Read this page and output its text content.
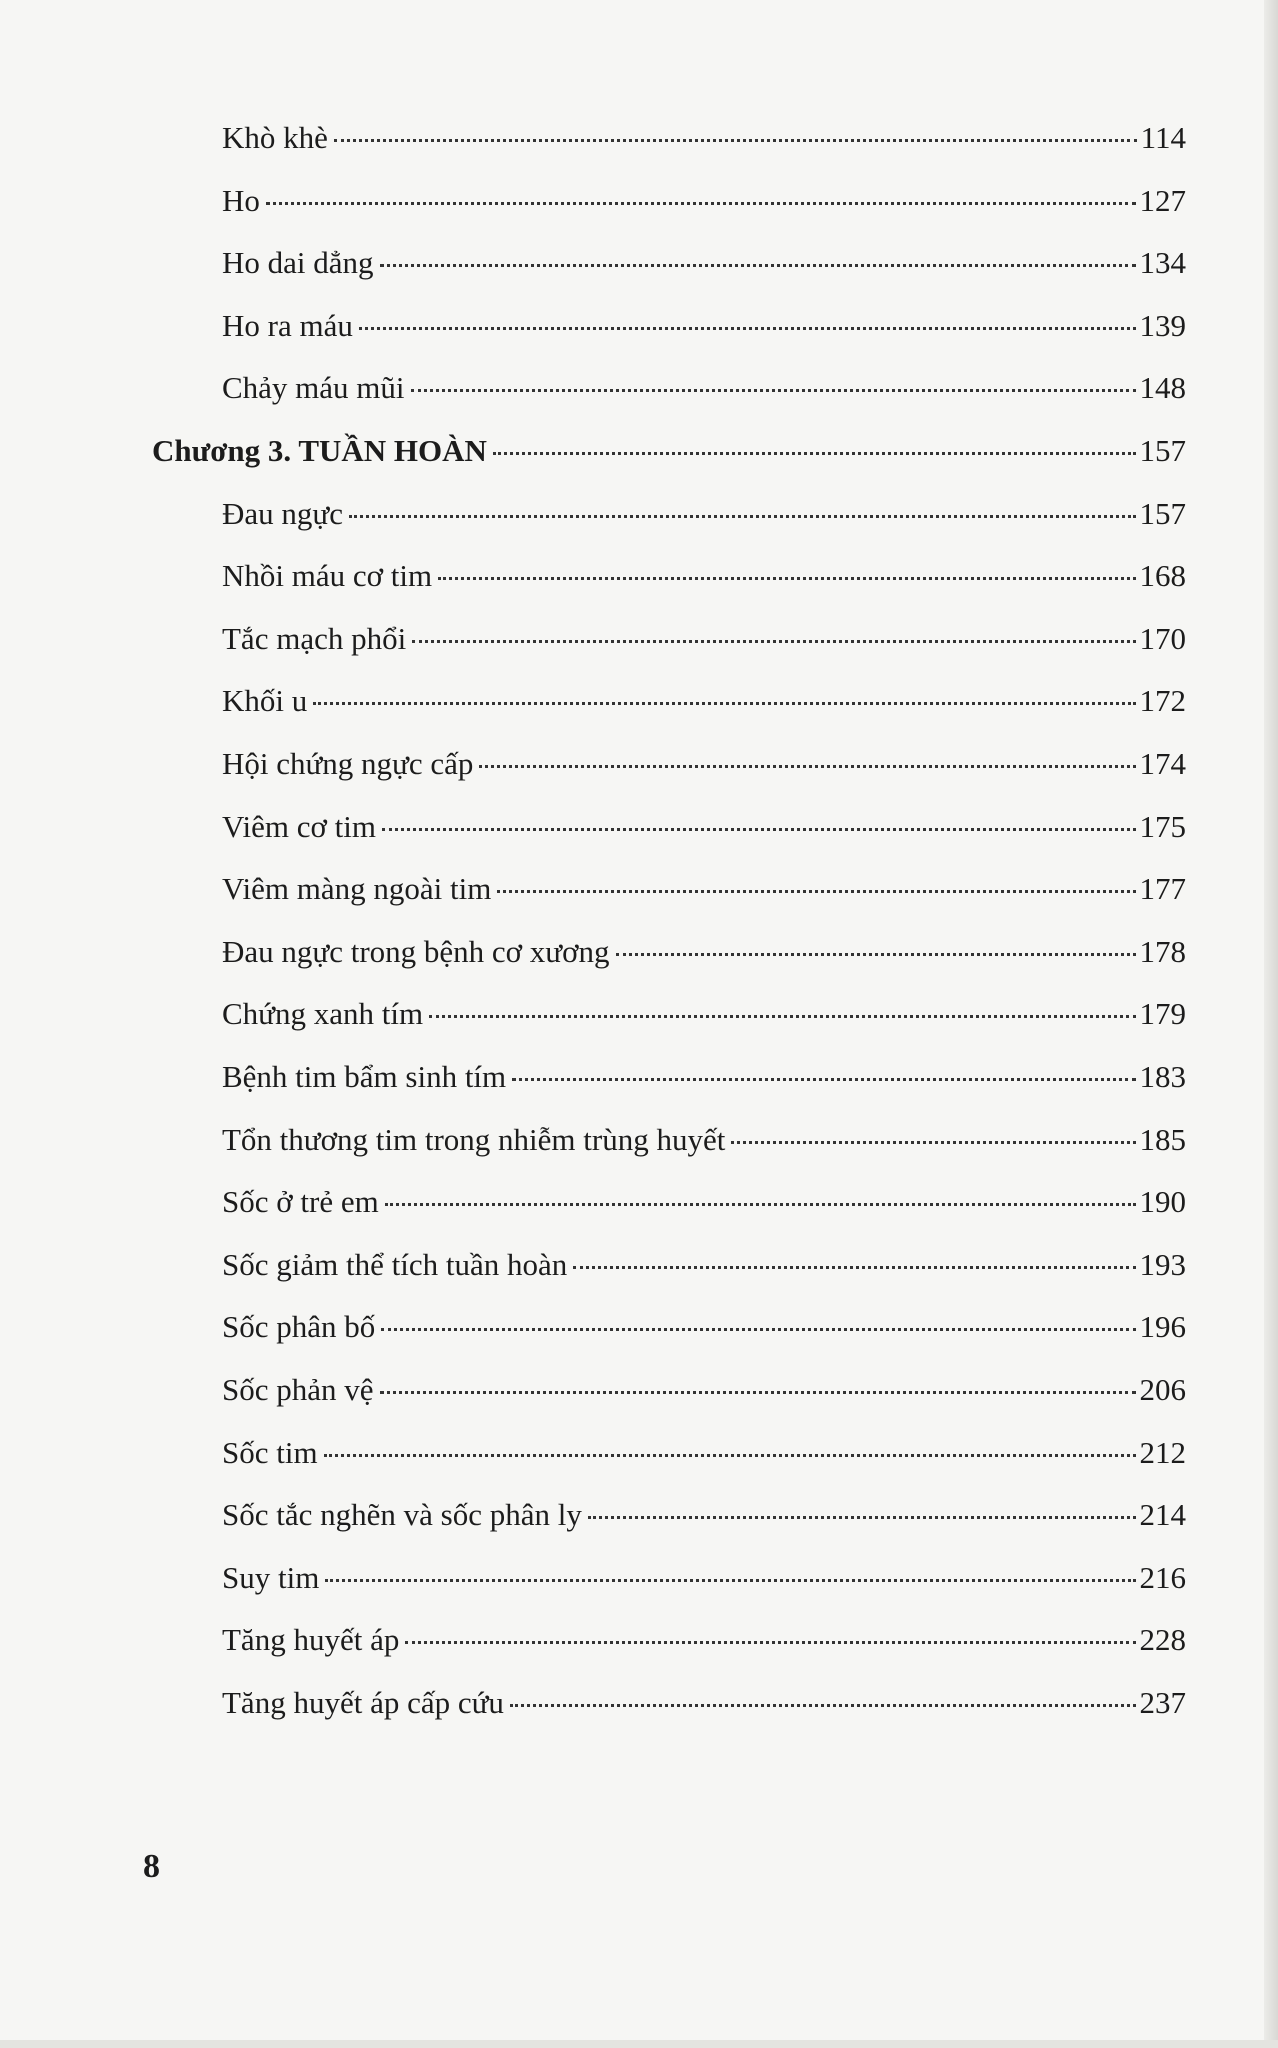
Khò khè	114
Ho	127
Ho dai dẳng	134
Ho ra máu	139
Chảy máu mũi	148
Chương 3. TUẦN HOÀN	157
Đau ngực	157
Nhồi máu cơ tim	168
Tắc mạch phổi	170
Khối u	172
Hội chứng ngực cấp	174
Viêm cơ tim	175
Viêm màng ngoài tim	177
Đau ngực trong bệnh cơ xương	178
Chứng xanh tím	179
Bệnh tim bẩm sinh tím	183
Tổn thương tim trong nhiễm trùng huyết	185
Sốc ở trẻ em	190
Sốc giảm thể tích tuần hoàn	193
Sốc phân bố	196
Sốc phản vệ	206
Sốc tim	212
Sốc tắc nghẽn và sốc phân ly	214
Suy tim	216
Tăng huyết áp	228
Tăng huyết áp cấp cứu	237
8
